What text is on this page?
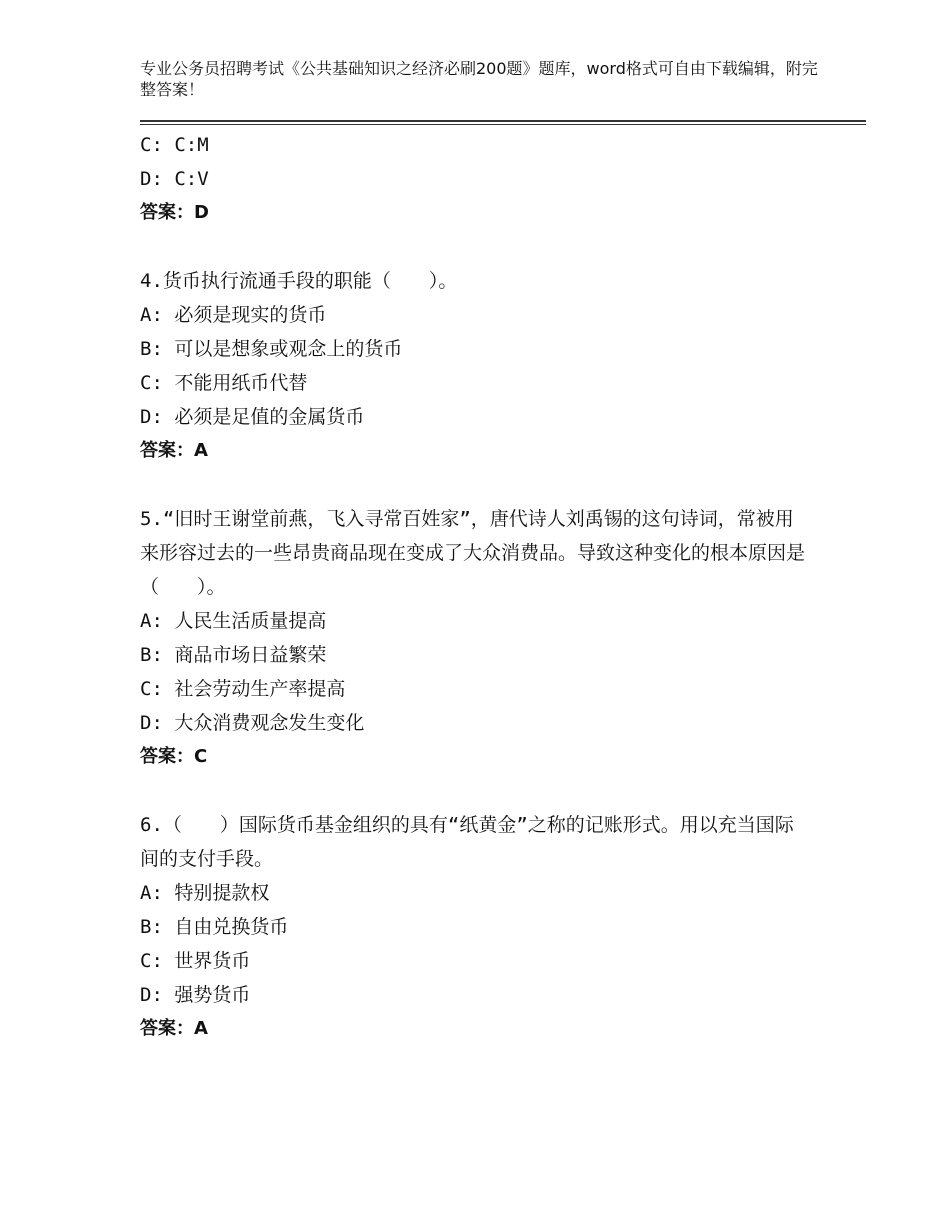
专业公务员招聘考试《公共基础知识之经济必刷200题》题库，word格式可自由下载编辑，附完整答案！
C: C:M
D: C:V
答案：D
4.货币执行流通手段的职能（　　）。
A: 必须是现实的货币
B: 可以是想象或观念上的货币
C: 不能用纸币代替
D: 必须是足值的金属货币
答案：A
5.“旧时王谢堂前燕，飞入寻常百姓家”，唐代诗人刘禹锡的这句诗词，常被用来形容过去的一些昂贵商品现在变成了大众消费品。导致这种变化的根本原因是（　　）。
A: 人民生活质量提高
B: 商品市场日益繁荣
C: 社会劳动生产率提高
D: 大众消费观念发生变化
答案：C
6.（　　）国际货币基金组织的具有“纸黄金”之称的记账形式。用以充当国际间的支付手段。
A: 特别提款权
B: 自由兑换货币
C: 世界货币
D: 强势货币
答案：A
